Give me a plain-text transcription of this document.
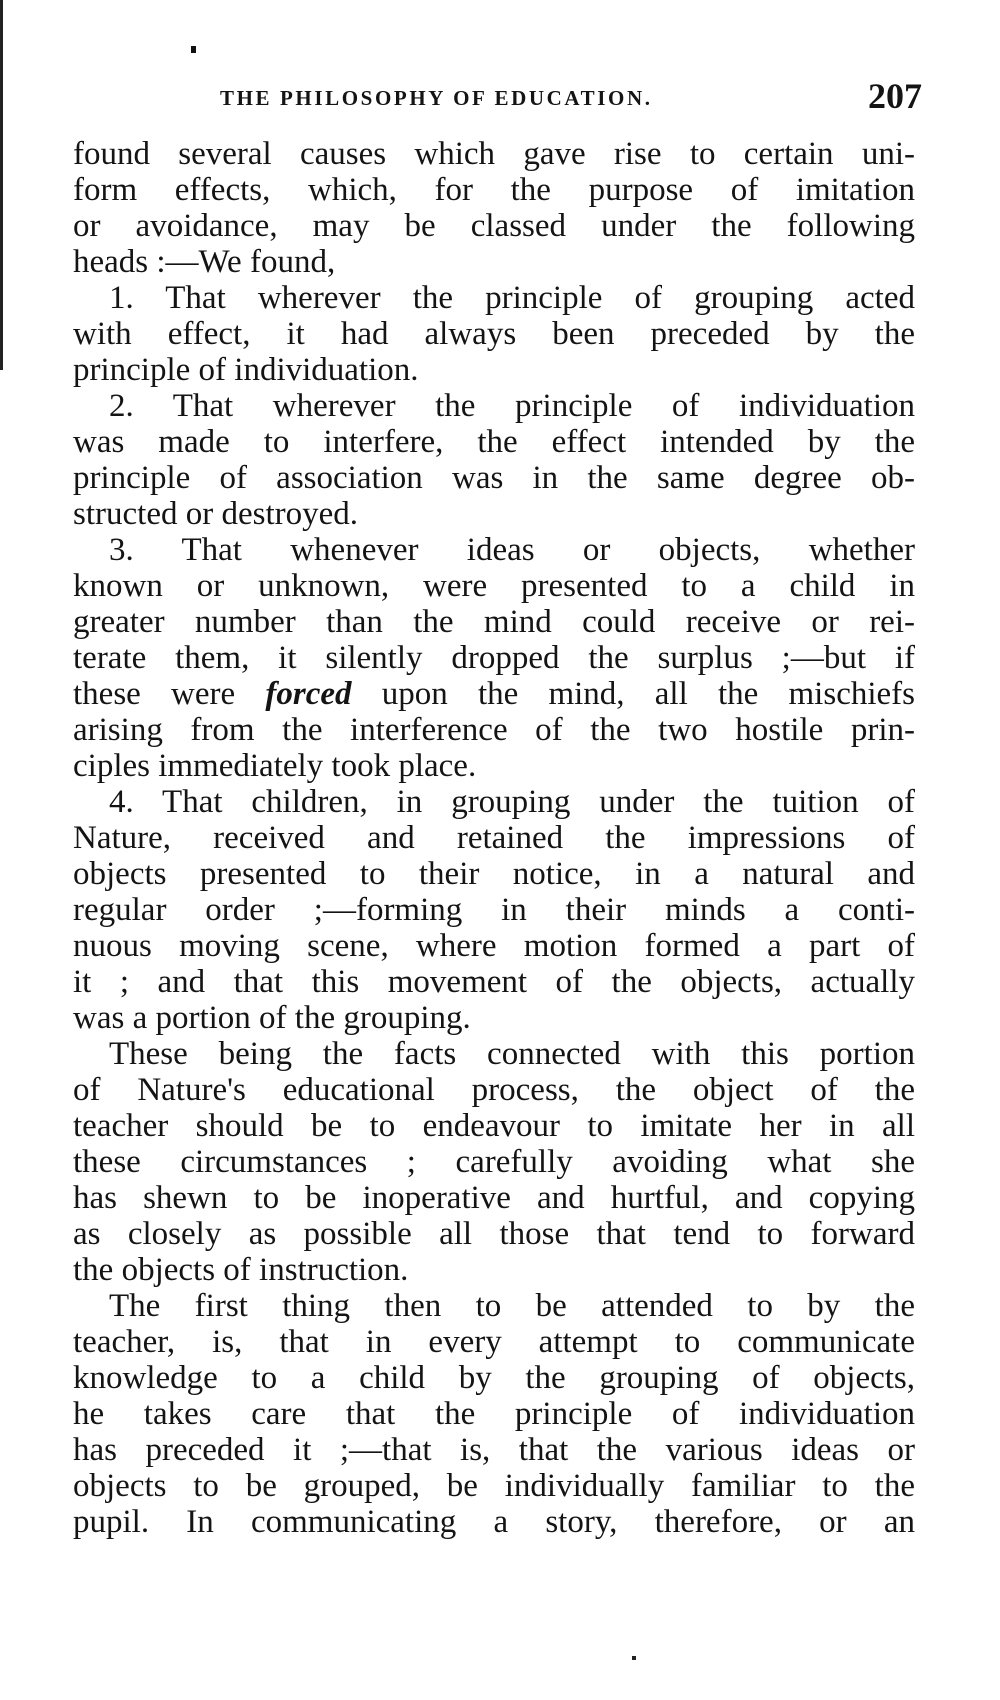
THE PHILOSOPHY OF EDUCATION.	207

found several causes which gave rise to certain uni-
form effects, which, for the purpose of imitation
or avoidance, may be classed under the following
heads :—We found,

1. That wherever the principle of grouping acted
with effect, it had always been preceded by the
principle of individuation.

2. That wherever the principle of individuation
was made to interfere, the effect intended by the
principle of association was in the same degree ob-
structed or destroyed.

3. That whenever ideas or objects, whether
known or unknown, were presented to a child in
greater number than the mind could receive or rei-
terate them, it silently dropped the surplus ;—but if
these were forced upon the mind, all the mischiefs
arising from the interference of the two hostile prin-
ciples immediately took place.

4. That children, in grouping under the tuition of
Nature, received and retained the impressions of
objects presented to their notice, in a natural and
regular order ;—forming in their minds a conti-
nuous moving scene, where motion formed a part of
it ; and that this movement of the objects, actually
was a portion of the grouping.

These being the facts connected with this portion
of Nature's educational process, the object of the
teacher should be to endeavour to imitate her in all
these circumstances ; carefully avoiding what she
has shewn to be inoperative and hurtful, and copying
as closely as possible all those that tend to forward
the objects of instruction.

The first thing then to be attended to by the
teacher, is, that in every attempt to communicate
knowledge to a child by the grouping of objects,
he takes care that the principle of individuation
has preceded it ;—that is, that the various ideas or
objects to be grouped, be individually familiar to the
pupil. In communicating a story, therefore, or an
